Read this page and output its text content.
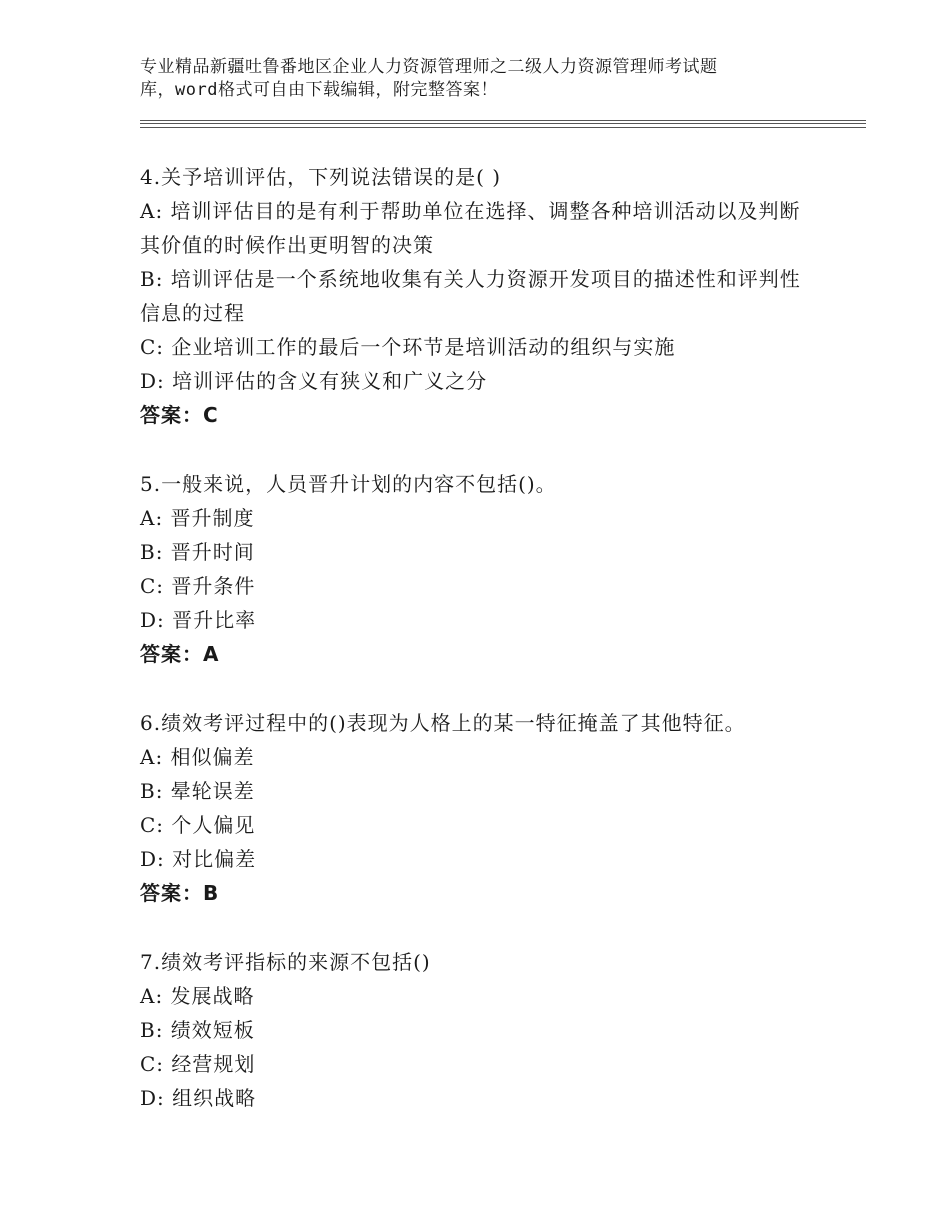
专业精品新疆吐鲁番地区企业人力资源管理师之二级人力资源管理师考试题
库，word格式可自由下载编辑，附完整答案！
4.关予培训评估，下列说法错误的是( )
A: 培训评估目的是有利于帮助单位在选择、调整各种培训活动以及判断其价值的时候作出更明智的决策
B: 培训评估是一个系统地收集有关人力资源开发项目的描述性和评判性信息的过程
C: 企业培训工作的最后一个环节是培训活动的组织与实施
D: 培训评估的含义有狭义和广义之分
答案：C
5.一般来说，人员晋升计划的内容不包括()。
A: 晋升制度
B: 晋升时间
C: 晋升条件
D: 晋升比率
答案：A
6.绩效考评过程中的()表现为人格上的某一特征掩盖了其他特征。
A: 相似偏差
B: 晕轮误差
C: 个人偏见
D: 对比偏差
答案：B
7.绩效考评指标的来源不包括()
A: 发展战略
B: 绩效短板
C: 经营规划
D: 组织战略
